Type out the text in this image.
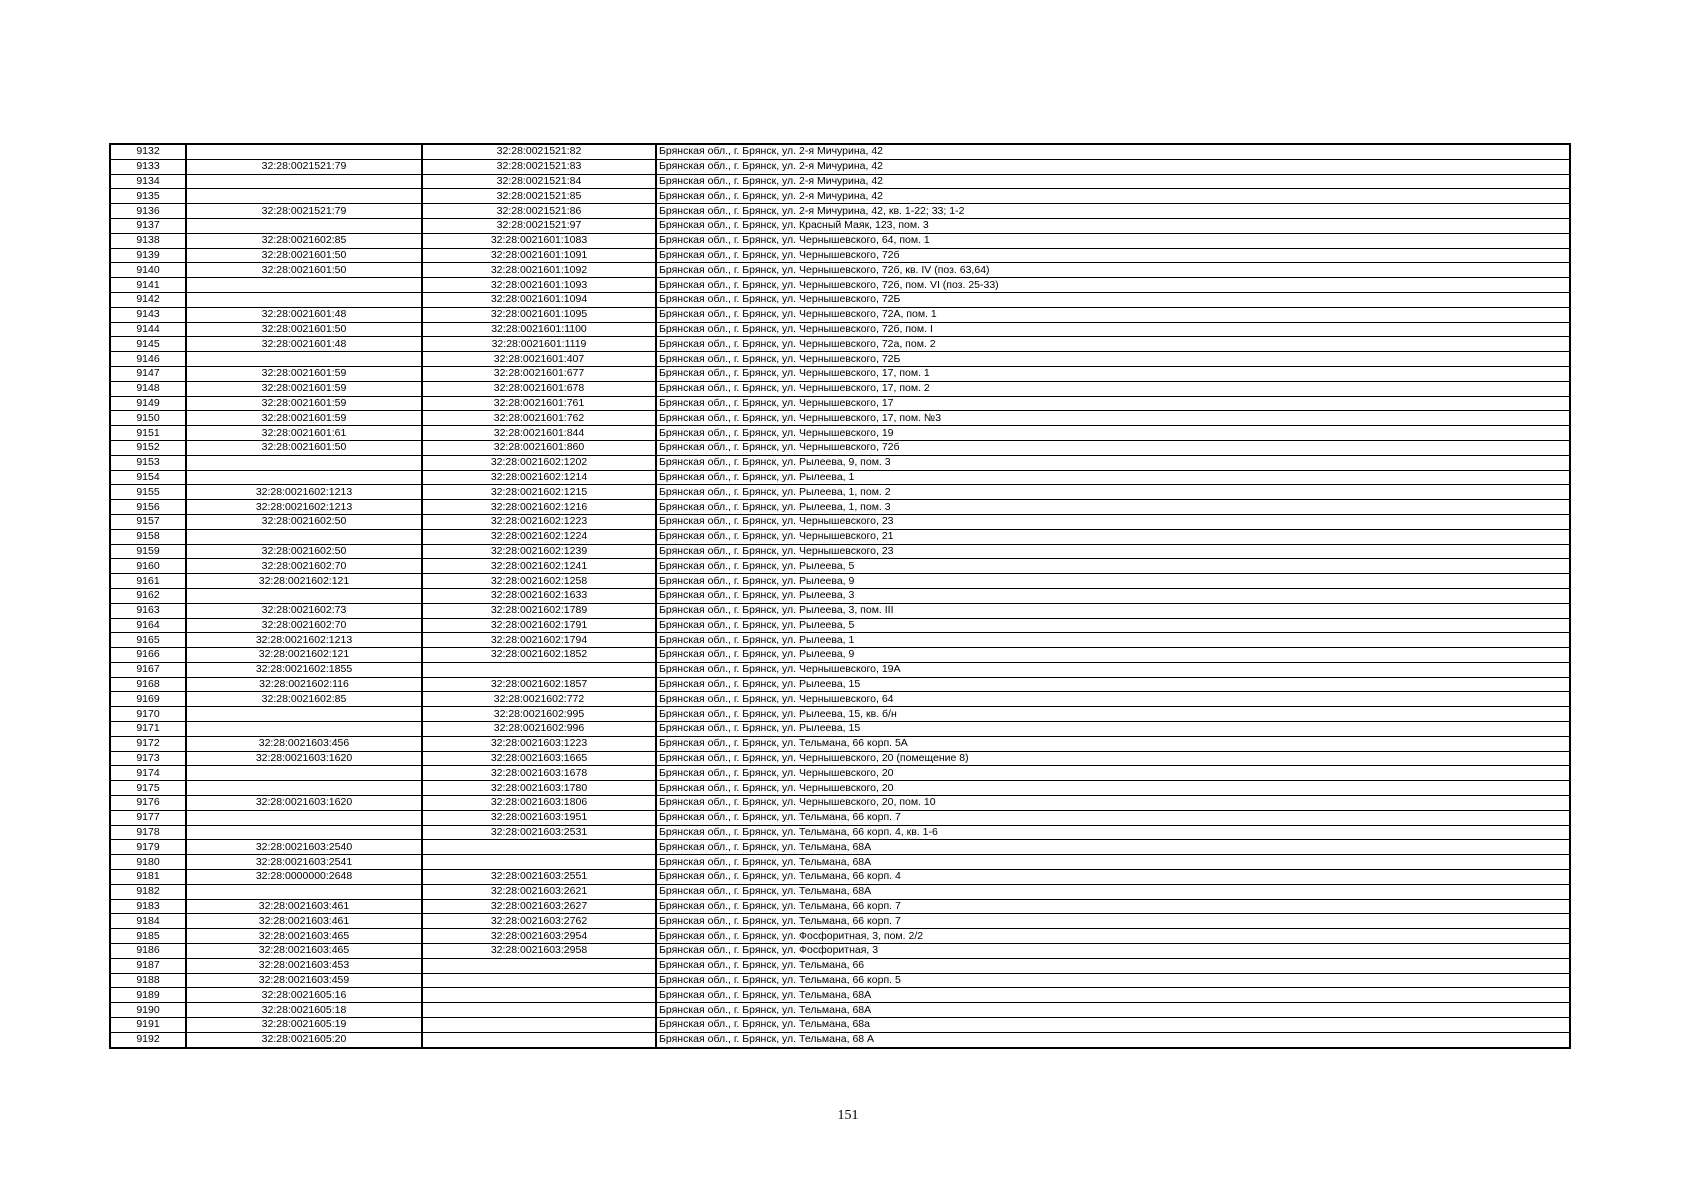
9132		32:28:0021521:82	Брянская обл., г. Брянск, ул. 2-я Мичурина, 42
9133	32:28:0021521:79	32:28:0021521:83	Брянская обл., г. Брянск, ул. 2-я Мичурина, 42
9134		32:28:0021521:84	Брянская обл., г. Брянск, ул. 2-я Мичурина, 42
9135		32:28:0021521:85	Брянская обл., г. Брянск, ул. 2-я Мичурина, 42
9136	32:28:0021521:79	32:28:0021521:86	Брянская обл., г. Брянск, ул. 2-я Мичурина, 42, кв. 1-22; 33; 1-2
9137		32:28:0021521:97	Брянская обл., г. Брянск, ул. Красный Маяк, 123, пом. 3
9138	32:28:0021602:85	32:28:0021601:1083	Брянская обл., г. Брянск, ул. Чернышевского, 64, пом. 1
9139	32:28:0021601:50	32:28:0021601:1091	Брянская обл., г. Брянск, ул. Чернышевского, 72б
9140	32:28:0021601:50	32:28:0021601:1092	Брянская обл., г. Брянск, ул. Чернышевского, 72б, кв. IV (поз. 63,64)
9141		32:28:0021601:1093	Брянская обл., г. Брянск, ул. Чернышевского, 72б, пом. VI (поз. 25-33)
9142		32:28:0021601:1094	Брянская обл., г. Брянск, ул. Чернышевского, 72Б
9143	32:28:0021601:48	32:28:0021601:1095	Брянская обл., г. Брянск, ул. Чернышевского, 72А, пом. 1
9144	32:28:0021601:50	32:28:0021601:1100	Брянская обл., г. Брянск, ул. Чернышевского, 72б, пом. I
9145	32:28:0021601:48	32:28:0021601:1119	Брянская обл., г. Брянск, ул. Чернышевского, 72а, пом. 2
9146		32:28:0021601:407	Брянская обл., г. Брянск, ул. Чернышевского, 72Б
9147	32:28:0021601:59	32:28:0021601:677	Брянская обл., г. Брянск, ул. Чернышевского, 17, пом. 1
9148	32:28:0021601:59	32:28:0021601:678	Брянская обл., г. Брянск, ул. Чернышевского, 17, пом. 2
9149	32:28:0021601:59	32:28:0021601:761	Брянская обл., г. Брянск, ул. Чернышевского, 17
9150	32:28:0021601:59	32:28:0021601:762	Брянская обл., г. Брянск, ул. Чернышевского, 17, пом. №3
9151	32:28:0021601:61	32:28:0021601:844	Брянская обл., г. Брянск, ул. Чернышевского, 19
9152	32:28:0021601:50	32:28:0021601:860	Брянская обл., г. Брянск, ул. Чернышевского, 72б
9153		32:28:0021602:1202	Брянская обл., г. Брянск, ул. Рылеева, 9, пом. 3
9154		32:28:0021602:1214	Брянская обл., г. Брянск, ул. Рылеева, 1
9155	32:28:0021602:1213	32:28:0021602:1215	Брянская обл., г. Брянск, ул. Рылеева, 1, пом. 2
9156	32:28:0021602:1213	32:28:0021602:1216	Брянская обл., г. Брянск, ул. Рылеева, 1, пом. 3
9157	32:28:0021602:50	32:28:0021602:1223	Брянская обл., г. Брянск, ул. Чернышевского, 23
9158		32:28:0021602:1224	Брянская обл., г. Брянск, ул. Чернышевского, 21
9159	32:28:0021602:50	32:28:0021602:1239	Брянская обл., г. Брянск, ул. Чернышевского, 23
9160	32:28:0021602:70	32:28:0021602:1241	Брянская обл., г. Брянск, ул. Рылеева, 5
9161	32:28:0021602:121	32:28:0021602:1258	Брянская обл., г. Брянск, ул. Рылеева, 9
9162		32:28:0021602:1633	Брянская обл., г. Брянск, ул. Рылеева, 3
9163	32:28:0021602:73	32:28:0021602:1789	Брянская обл., г. Брянск, ул. Рылеева, 3, пом. III
9164	32:28:0021602:70	32:28:0021602:1791	Брянская обл., г. Брянск, ул. Рылеева, 5
9165	32:28:0021602:1213	32:28:0021602:1794	Брянская обл., г. Брянск, ул. Рылеева, 1
9166	32:28:0021602:121	32:28:0021602:1852	Брянская обл., г. Брянск, ул. Рылеева, 9
9167	32:28:0021602:1855		Брянская обл., г. Брянск, ул. Чернышевского, 19А
9168	32:28:0021602:116	32:28:0021602:1857	Брянская обл., г. Брянск, ул. Рылеева, 15
9169	32:28:0021602:85	32:28:0021602:772	Брянская обл., г. Брянск, ул. Чернышевского, 64
9170		32:28:0021602:995	Брянская обл., г. Брянск, ул. Рылеева, 15, кв. б/н
9171		32:28:0021602:996	Брянская обл., г. Брянск, ул. Рылеева, 15
9172	32:28:0021603:456	32:28:0021603:1223	Брянская обл., г. Брянск, ул. Тельмана, 66 корп. 5А
9173	32:28:0021603:1620	32:28:0021603:1665	Брянская обл., г. Брянск, ул. Чернышевского, 20 (помещение 8)
9174		32:28:0021603:1678	Брянская обл., г. Брянск, ул. Чернышевского, 20
9175		32:28:0021603:1780	Брянская обл., г. Брянск, ул. Чернышевского, 20
9176	32:28:0021603:1620	32:28:0021603:1806	Брянская обл., г. Брянск, ул. Чернышевского, 20, пом. 10
9177		32:28:0021603:1951	Брянская обл., г. Брянск, ул. Тельмана, 66 корп. 7
9178		32:28:0021603:2531	Брянская обл., г. Брянск, ул. Тельмана, 66 корп. 4, кв. 1-6
9179	32:28:0021603:2540		Брянская обл., г. Брянск, ул. Тельмана, 68А
9180	32:28:0021603:2541		Брянская обл., г. Брянск, ул. Тельмана, 68А
9181	32:28:0000000:2648	32:28:0021603:2551	Брянская обл., г. Брянск, ул. Тельмана, 66 корп. 4
9182		32:28:0021603:2621	Брянская обл., г. Брянск, ул. Тельмана, 68А
9183	32:28:0021603:461	32:28:0021603:2627	Брянская обл., г. Брянск, ул. Тельмана, 66 корп. 7
9184	32:28:0021603:461	32:28:0021603:2762	Брянская обл., г. Брянск, ул. Тельмана, 66 корп. 7
9185	32:28:0021603:465	32:28:0021603:2954	Брянская обл., г. Брянск, ул. Фосфоритная, 3, пом. 2/2
9186	32:28:0021603:465	32:28:0021603:2958	Брянская обл., г. Брянск, ул. Фосфоритная, 3
9187	32:28:0021603:453		Брянская обл., г. Брянск, ул. Тельмана, 66
9188	32:28:0021603:459		Брянская обл., г. Брянск, ул. Тельмана, 66 корп. 5
9189	32:28:0021605:16		Брянская обл., г. Брянск, ул. Тельмана, 68А
9190	32:28:0021605:18		Брянская обл., г. Брянск, ул. Тельмана, 68А
9191	32:28:0021605:19		Брянская обл., г. Брянск, ул. Тельмана, 68а
9192	32:28:0021605:20		Брянская обл., г. Брянск, ул. Тельмана, 68 А
151
